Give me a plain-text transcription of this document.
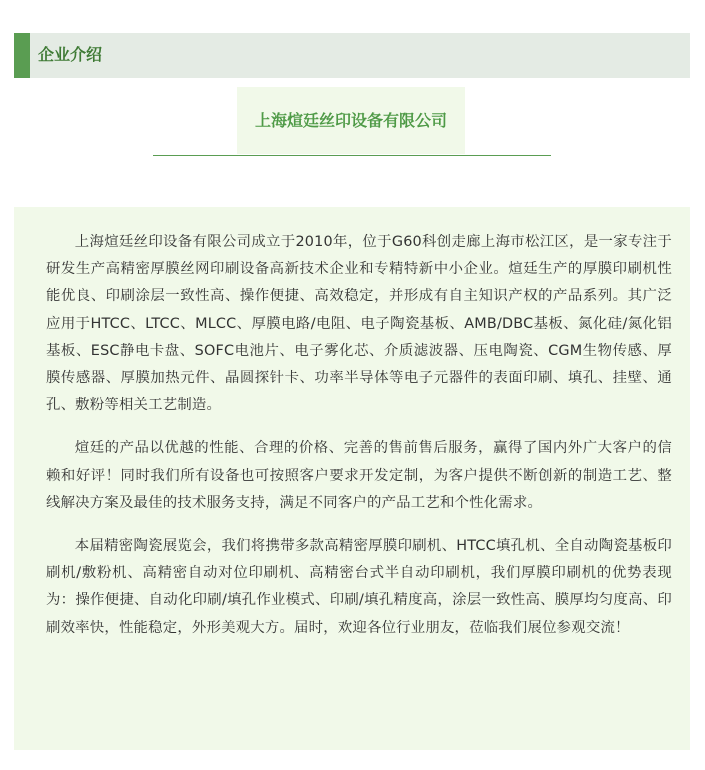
企业介绍
上海煊廷丝印设备有限公司

上海煊廷丝印设备有限公司成立于2010年，位于G60科创走廊上海市松江区，是一家专注于研发生产高精密厚膜丝网印刷设备高新技术企业和专精特新中小企业。煊廷生产的厚膜印刷机性能优良、印刷涂层一致性高、操作便捷、高效稳定，并形成有自主知识产权的产品系列。其广泛应用于HTCC、LTCC、MLCC、厚膜电路/电阻、电子陶瓷基板、AMB/DBC基板、氮化硅/氮化铝基板、ESC静电卡盘、SOFC电池片、电子雾化芯、介质滤波器、压电陶瓷、CGM生物传感、厚膜传感器、厚膜加热元件、晶圆探针卡、功率半导体等电子元器件的表面印刷、填孔、挂壁、通孔、敷粉等相关工艺制造。

煊廷的产品以优越的性能、合理的价格、完善的售前售后服务，赢得了国内外广大客户的信赖和好评！同时我们所有设备也可按照客户要求开发定制，为客户提供不断创新的制造工艺、整线解决方案及最佳的技术服务支持，满足不同客户的产品工艺和个性化需求。

本届精密陶瓷展览会，我们将携带多款高精密厚膜印刷机、HTCC填孔机、全自动陶瓷基板印刷机/敷粉机、高精密自动对位印刷机、高精密台式半自动印刷机，我们厚膜印刷机的优势表现为：操作便捷、自动化印刷/填孔作业模式、印刷/填孔精度高，涂层一致性高、膜厚均匀度高、印刷效率快，性能稳定，外形美观大方。届时，欢迎各位行业朋友，莅临我们展位参观交流！
